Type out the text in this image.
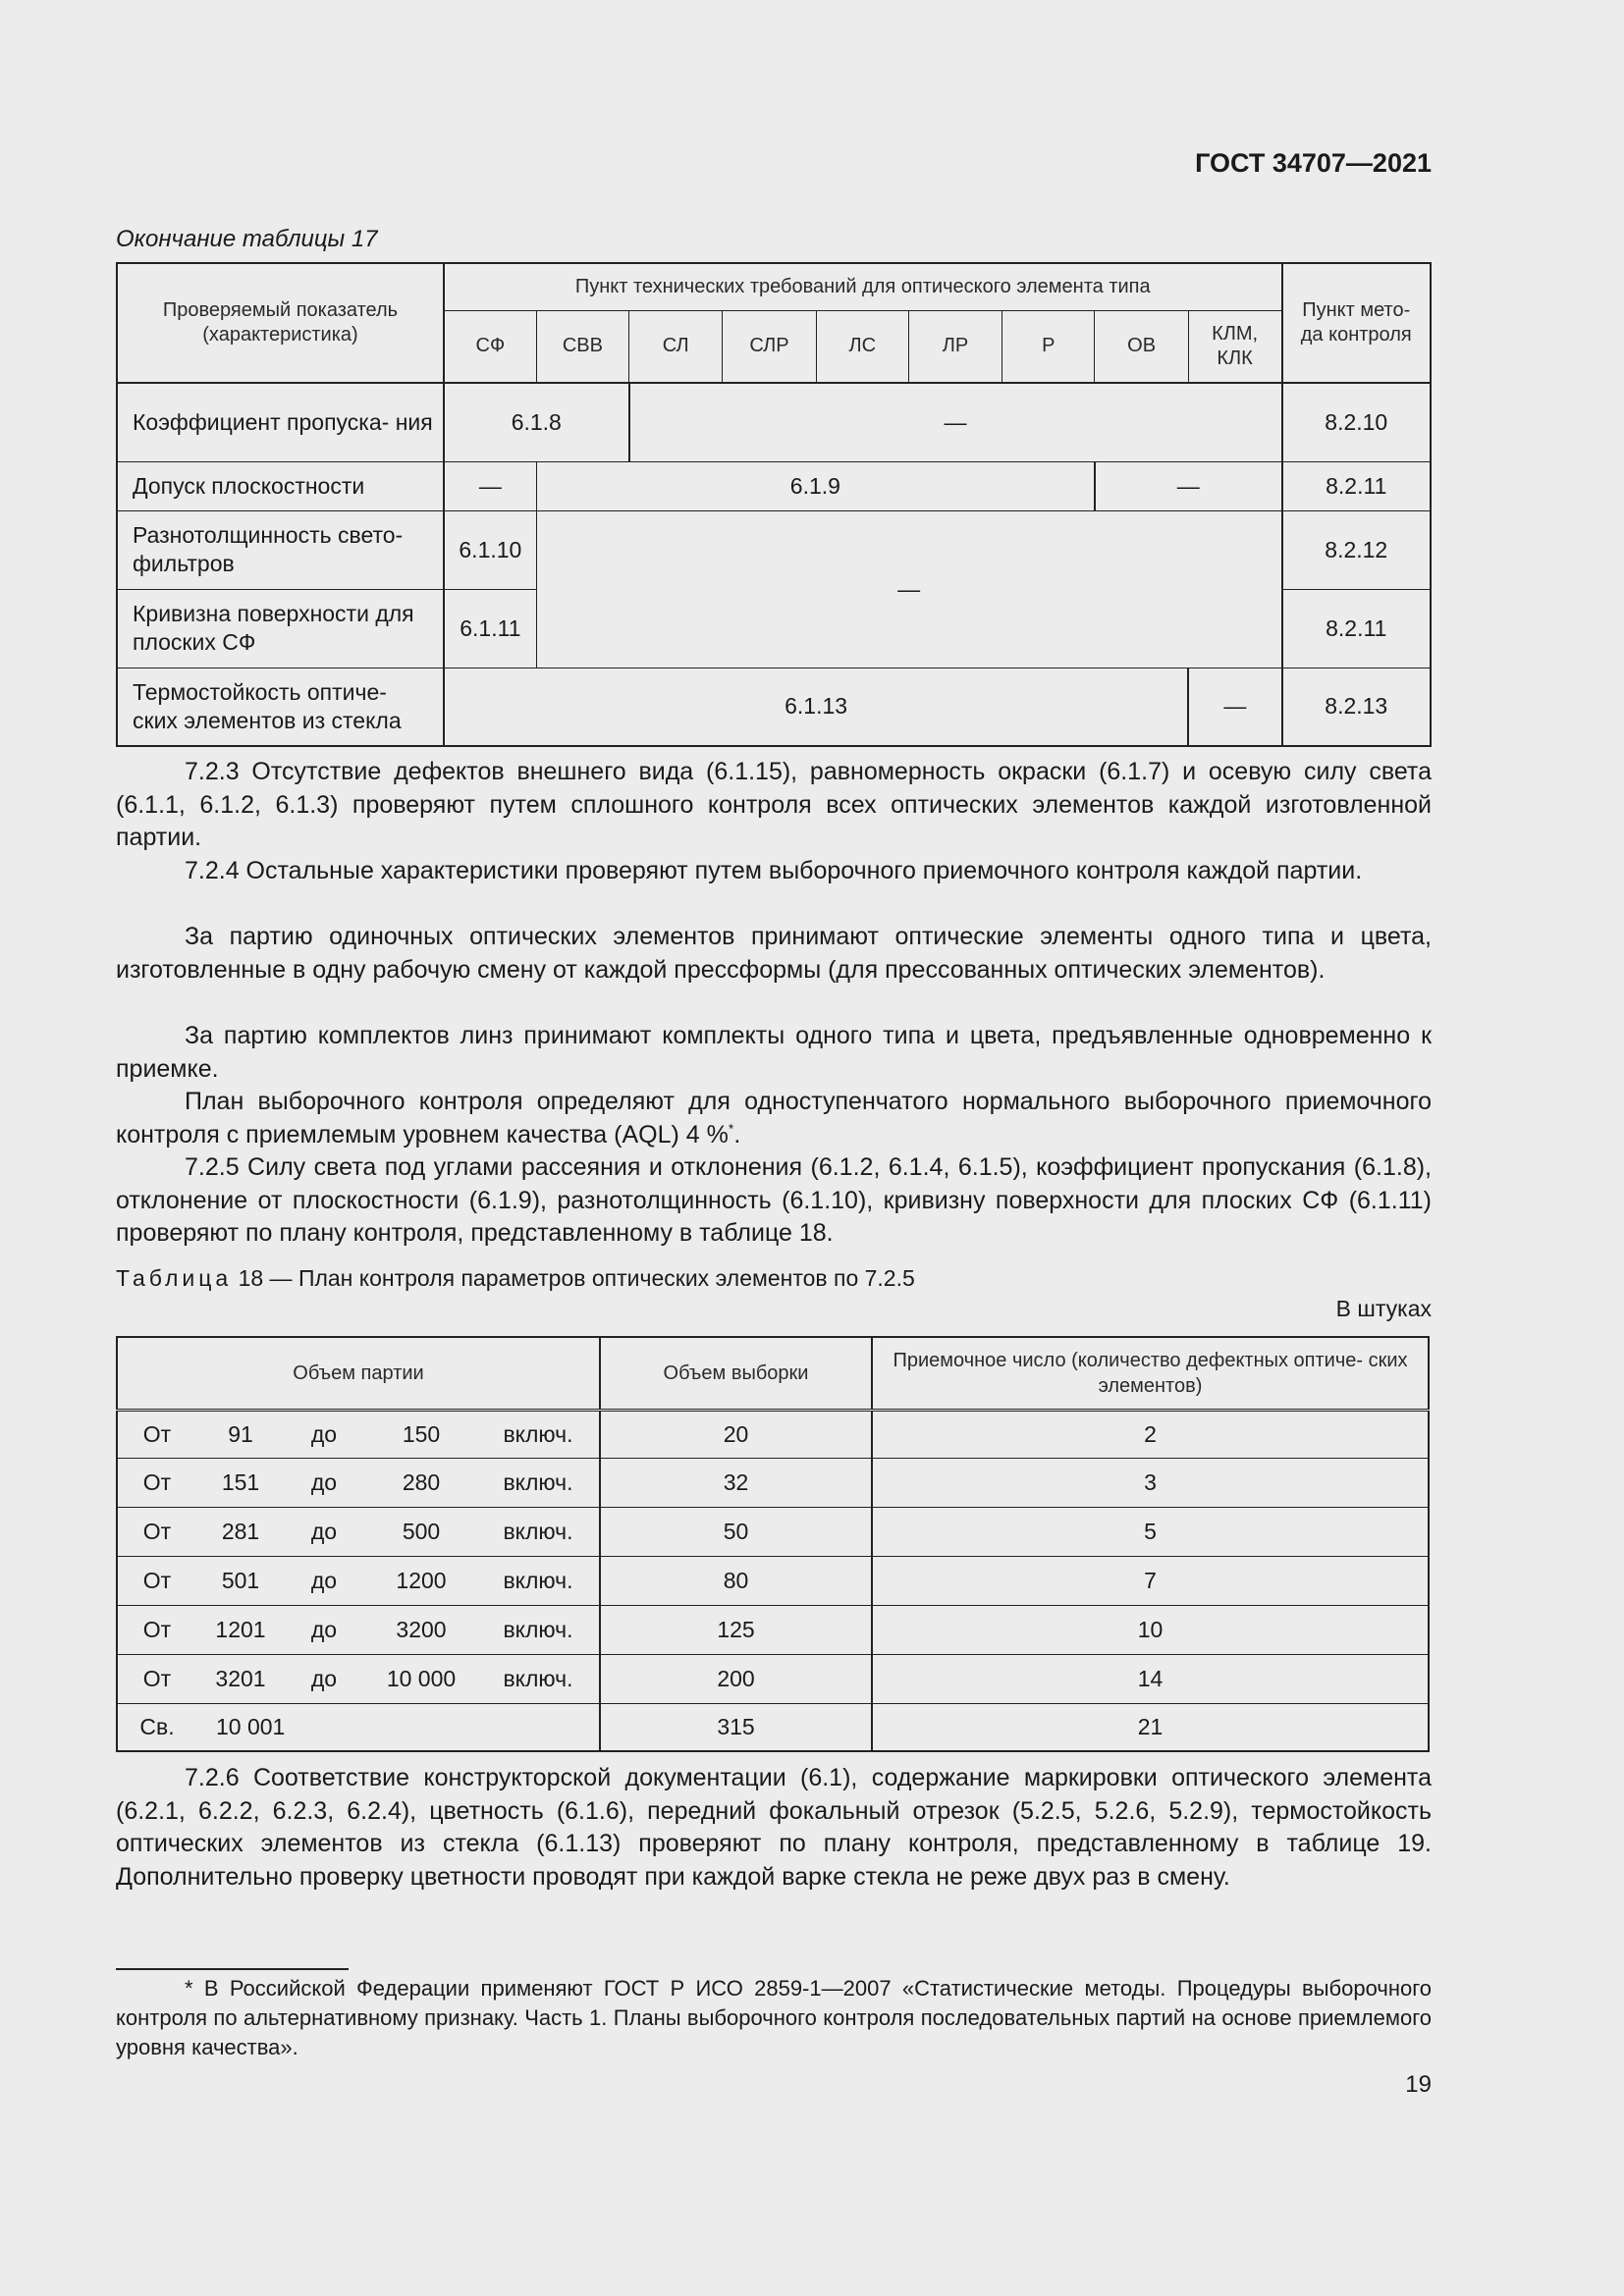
ГОСТ 34707—2021
Окончание таблицы 17
Проверяемый показатель (характеристика)	Пункт технических требований для оптического элемента типа									Пункт мето- да контроля
	СФ	СВВ	СЛ	СЛР	ЛС	ЛР	Р	ОВ	КЛМ, КЛК	
Коэффициент пропуска- ния	6.1.8		—							8.2.10
Допуск плоскостности	—	6.1.9						—		8.2.11
Разнотолщинность свето- фильтров	6.1.10	—								8.2.12
Кривизна поверхности для плоских СФ	6.1.11									8.2.11
Термостойкость оптиче- ских элементов из стекла	6.1.13								—	8.2.13

7.2.3 Отсутствие дефектов внешнего вида (6.1.15), равномерность окраски (6.1.7) и осевую силу света (6.1.1, 6.1.2, 6.1.3) проверяют путем сплошного контроля всех оптических элементов каждой изготовленной партии.

7.2.4 Остальные характеристики проверяют путем выборочного приемочного контроля каждой партии.

За партию одиночных оптических элементов принимают оптические элементы одного типа и цвета, изготовленные в одну рабочую смену от каждой прессформы (для прессованных оптических элементов).

За партию комплектов линз принимают комплекты одного типа и цвета, предъявленные одновременно к приемке.

План выборочного контроля определяют для одноступенчатого нормального выборочного приемочного контроля с приемлемым уровнем качества (AQL) 4 %*.

7.2.5 Силу света под углами рассеяния и отклонения (6.1.2, 6.1.4, 6.1.5), коэффициент пропускания (6.1.8), отклонение от плоскостности (6.1.9), разнотолщинность (6.1.10), кривизну поверхности для плоских СФ (6.1.11) проверяют по плану контроля, представленному в таблице 18.

Таблица 18 — План контроля параметров оптических элементов по 7.2.5
В штуках
Объем партии	Объем выборки	Приемочное число (количество дефектных оптиче- ских элементов)

От 91 до 150 включ.	20	2

От 151 до 280 включ.	32	3

От 281 до 500 включ.	50	5

От 501 до 1200 включ.	80	7

От 1201 до 3200 включ.	125	10

От 3201 до 10 000 включ.	200	14

Св. 10 001	315	21

7.2.6 Соответствие конструкторской документации (6.1), содержание маркировки оптического элемента (6.2.1, 6.2.2, 6.2.3, 6.2.4), цветность (6.1.6), передний фокальный отрезок (5.2.5, 5.2.6, 5.2.9), термостойкость оптических элементов из стекла (6.1.13) проверяют по плану контроля, представленному в таблице 19. Дополнительно проверку цветности проводят при каждой варке стекла не реже двух раз в смену.

* В Российской Федерации применяют ГОСТ Р ИСО 2859-1—2007 «Статистические методы. Процедуры выборочного контроля по альтернативному признаку. Часть 1. Планы выборочного контроля последовательных партий на основе приемлемого уровня качества».
19
